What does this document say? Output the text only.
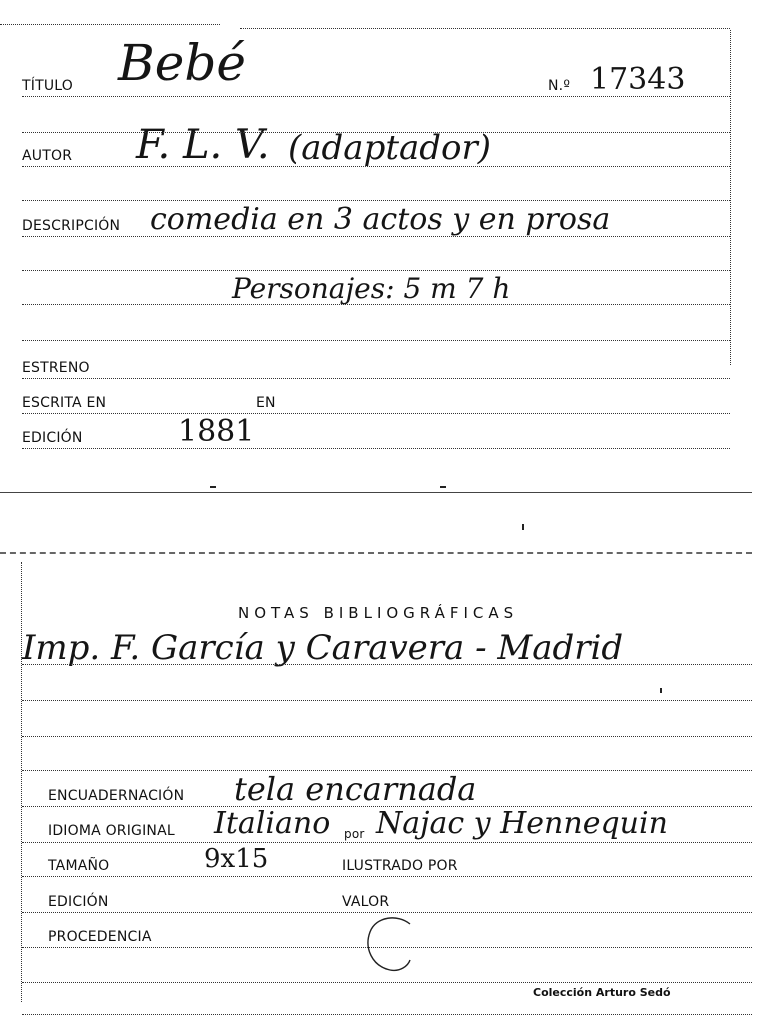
TÍTULO Bebé	N.º 17343
AUTOR F. L. V. (adaptador)
DESCRIPCIÓN comedia en 3 actos y en prosa
Personajes: 5 m 7 h
ESTRENO
ESCRITA EN	EN
EDICIÓN	1881
NOTAS BIBLIOGRÁFICAS
Imp. F. García y Caravera - Madrid
ENCUADERNACIÓN tela encarnada
IDIOMA ORIGINAL Italiano por Najac y Hennequin
TAMAÑO	9x15	ILUSTRADO POR
EDICIÓN	VALOR
PROCEDENCIA
Colección Arturo Sedó
